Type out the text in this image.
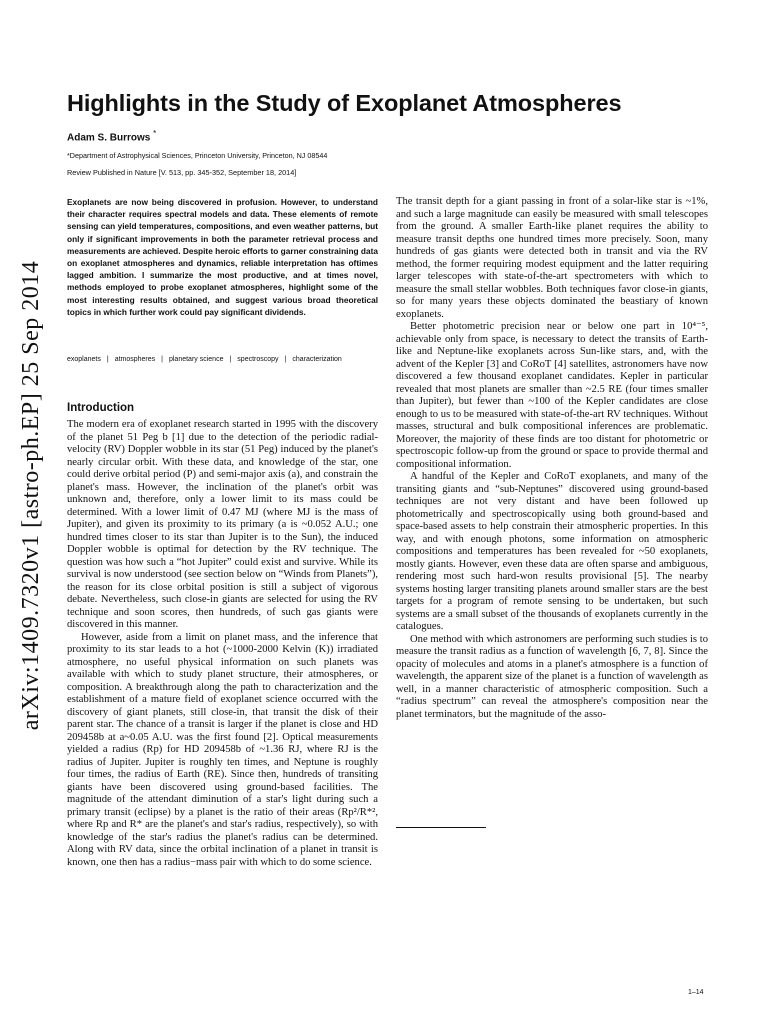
arXiv:1409.7320v1 [astro-ph.EP] 25 Sep 2014
Highlights in the Study of Exoplanet Atmospheres
Adam S. Burrows *
*Department of Astrophysical Sciences, Princeton University, Princeton, NJ 08544
Review Published in Nature [V. 513, pp. 345-352, September 18, 2014]

Exoplanets are now being discovered in profusion. However, to understand their character requires spectral models and data. These elements of remote sensing can yield temperatures, compositions, and even weather patterns, but only if significant improvements in both the parameter retrieval process and measurements are achieved. Despite heroic efforts to garner constraining data on exoplanet atmospheres and dynamics, reliable interpretation has oftimes lagged ambition. I summarize the most productive, and at times novel, methods employed to probe exoplanet atmospheres, highlight some of the most interesting results obtained, and suggest various broad theoretical topics in which further work could pay significant dividends.

exoplanets | atmospheres | planetary science | spectroscopy | characterization
Introduction

The modern era of exoplanet research started in 1995 with the discovery of the planet 51 Peg b [1] due to the detection of the periodic radial-velocity (RV) Doppler wobble in its star (51 Peg) induced by the planet's nearly circular orbit. With these data, and knowledge of the star, one could derive orbital period (P) and semi-major axis (a), and constrain the planet's mass. However, the inclination of the planet's orbit was unknown and, therefore, only a lower limit to its mass could be determined. With a lower limit of 0.47 MJ (where MJ is the mass of Jupiter), and given its proximity to its primary (a is ~0.052 A.U.; one hundred times closer to its star than Jupiter is to the Sun), the induced Doppler wobble is optimal for detection by the RV technique. The question was how such a “hot Jupiter” could exist and survive. While its survival is now understood (see section below on “Winds from Planets”), the reason for its close orbital position is still a subject of vigorous debate. Nevertheless, such close-in giants are selected for using the RV technique and soon scores, then hundreds, of such gas giants were discovered in this manner.

However, aside from a limit on planet mass, and the inference that proximity to its star leads to a hot (~1000-2000 Kelvin (K)) irradiated atmosphere, no useful physical information on such planets was available with which to study planet structure, their atmospheres, or composition. A breakthrough along the path to characterization and the establishment of a mature field of exoplanet science occurred with the discovery of giant planets, still close-in, that transit the disk of their parent star. The chance of a transit is larger if the planet is close and HD 209458b at a~0.05 A.U. was the first found [2]. Optical measurements yielded a radius (Rp) for HD 209458b of ~1.36 RJ, where RJ is the radius of Jupiter. Jupiter is roughly ten times, and Neptune is roughly four times, the radius of Earth (RE). Since then, hundreds of transiting giants have been discovered using ground-based facilities. The magnitude of the attendant diminution of a star's light during such a primary transit (eclipse) by a planet is the ratio of their areas (Rp²/R*², where Rp and R* are the planet's and star's radius, respectively), so with knowledge of the star's radius the planet's radius can be determined. Along with RV data, since the orbital inclination of a planet in transit is known, one then has a radius−mass pair with which to do some science.

The transit depth for a giant passing in front of a solar-like star is ~1%, and such a large magnitude can easily be measured with small telescopes from the ground. A smaller Earth-like planet requires the ability to measure transit depths one hundred times more precisely. Soon, many hundreds of gas giants were detected both in transit and via the RV method, the former requiring modest equipment and the latter requiring larger telescopes with state-of-the-art spectrometers with which to measure the small stellar wobbles. Both techniques favor close-in giants, so for many years these objects dominated the beastiary of known exoplanets.

Better photometric precision near or below one part in 10⁴⁻⁵, achievable only from space, is necessary to detect the transits of Earth-like and Neptune-like exoplanets across Sun-like stars, and, with the advent of the Kepler [3] and CoRoT [4] satellites, astronomers have now discovered a few thousand exoplanet candidates. Kepler in particular revealed that most planets are smaller than ~2.5 RE (four times smaller than Jupiter), but fewer than ~100 of the Kepler candidates are close enough to us to be measured with state-of-the-art RV techniques. Without masses, structural and bulk compositional inferences are problematic. Moreover, the majority of these finds are too distant for photometric or spectroscopic follow-up from the ground or space to provide thermal and compositional information.

A handful of the Kepler and CoRoT exoplanets, and many of the transiting giants and “sub-Neptunes” discovered using ground-based techniques are not very distant and have been followed up photometrically and spectroscopically using both ground-based and space-based assets to help constrain their atmospheric properties. In this way, and with enough photons, some information on atmospheric compositions and temperatures has been revealed for ~50 exoplanets, mostly giants. However, even these data are often sparse and ambiguous, rendering most such hard-won results provisional [5]. The nearby systems hosting larger transiting planets around smaller stars are the best targets for a program of remote sensing to be undertaken, but such systems are a small subset of the thousands of exoplanets currently in the catalogues.

One method with which astronomers are performing such studies is to measure the transit radius as a function of wavelength [6, 7, 8]. Since the opacity of molecules and atoms in a planet's atmosphere is a function of wavelength, the apparent size of the planet is a function of wavelength as well, in a manner characteristic of atmospheric composition. Such a “radius spectrum” can reveal the atmosphere's composition near the planet terminators, but the magnitude of the asso-

1–14
